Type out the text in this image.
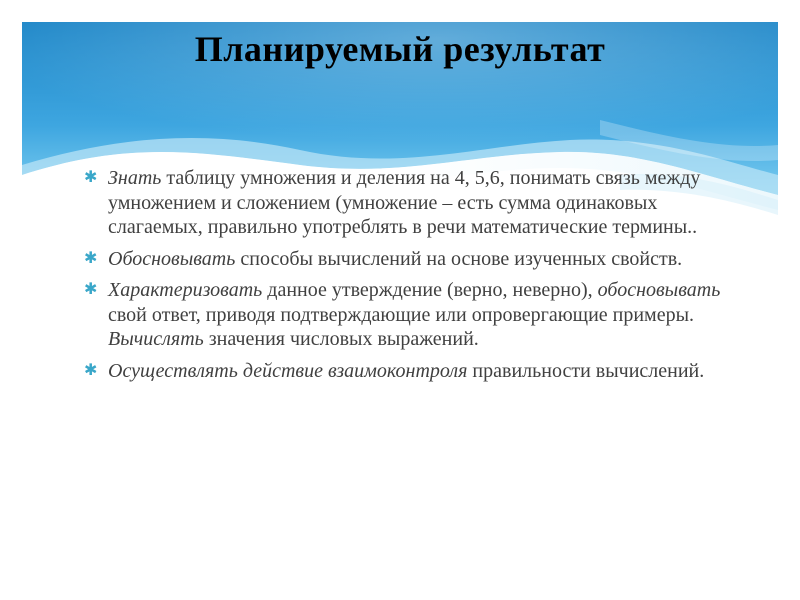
Планируемый результат
✱ Знать таблицу умножения и деления на 4, 5,6, понимать связь между умножением и сложением (умножение – есть сумма одинаковых слагаемых, правильно употреблять в речи математические термины..
✱ Обосновывать способы вычислений на основе изученных свойств.
✱ Характеризовать данное утверждение (верно, неверно), обосновывать свой ответ, приводя подтверждающие или опровергающие примеры. Вычислять значения числовых выражений.
✱ Осуществлять действие взаимоконтроля правильности вычислений.
